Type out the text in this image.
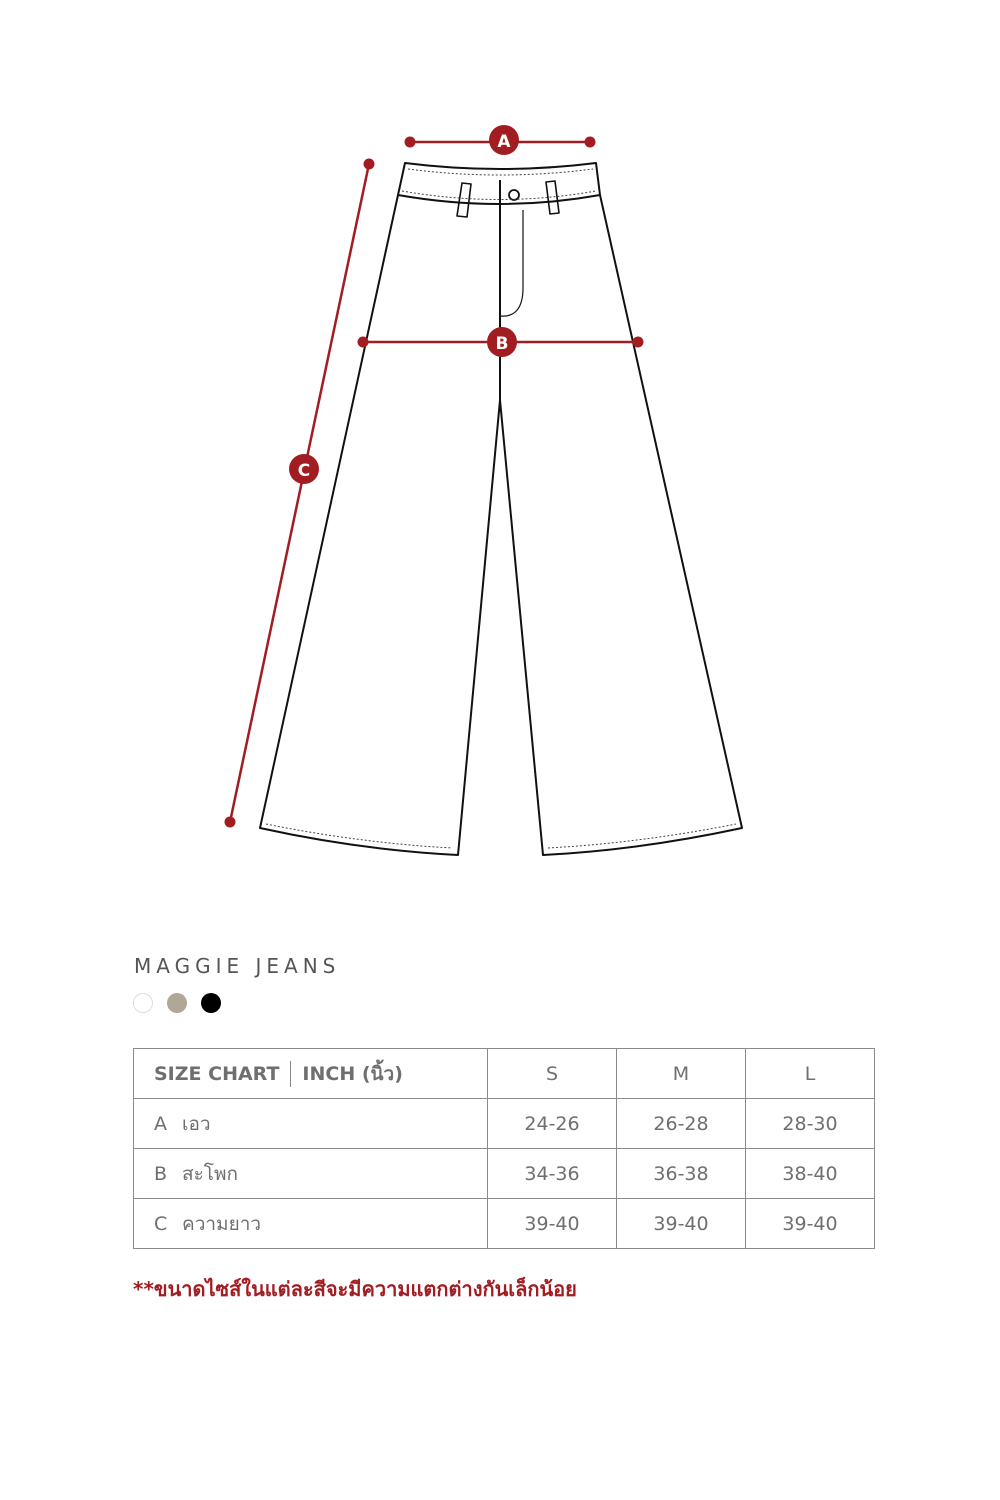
A
B
C
MAGGIE JEANS
SIZE CHART INCH (นิ้ว)	S	M	L
A เอว	24-26	26-28	28-30
B สะโพก	34-36	36-38	38-40
C ความยาว	39-40	39-40	39-40
**ขนาดไซส์ในแต่ละสีจะมีความแตกต่างกันเล็กน้อย
